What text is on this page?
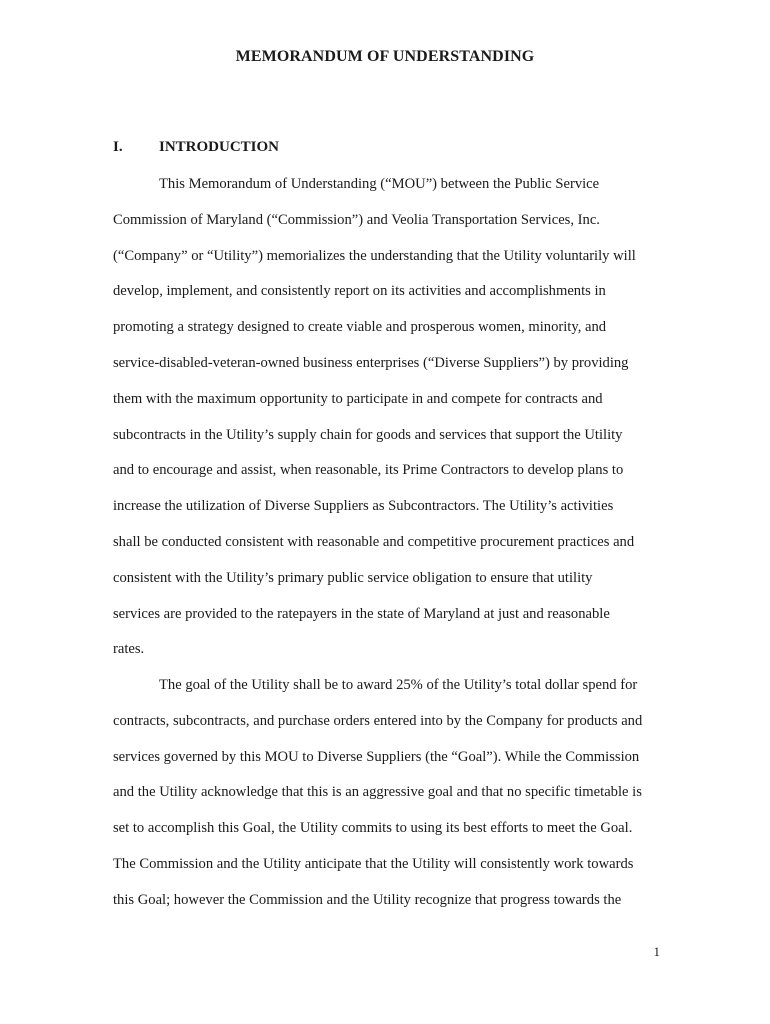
MEMORANDUM OF UNDERSTANDING
I. INTRODUCTION

This Memorandum of Understanding (“MOU”) between the Public Service
Commission of Maryland (“Commission”) and Veolia Transportation Services, Inc.
(“Company” or “Utility”) memorializes the understanding that the Utility voluntarily will
develop, implement, and consistently report on its activities and accomplishments in
promoting a strategy designed to create viable and prosperous women, minority, and
service-disabled-veteran-owned business enterprises (“Diverse Suppliers”) by providing
them with the maximum opportunity to participate in and compete for contracts and
subcontracts in the Utility’s supply chain for goods and services that support the Utility
and to encourage and assist, when reasonable, its Prime Contractors to develop plans to
increase the utilization of Diverse Suppliers as Subcontractors. The Utility’s activities
shall be conducted consistent with reasonable and competitive procurement practices and
consistent with the Utility’s primary public service obligation to ensure that utility
services are provided to the ratepayers in the state of Maryland at just and reasonable
rates.

The goal of the Utility shall be to award 25% of the Utility’s total dollar spend for
contracts, subcontracts, and purchase orders entered into by the Company for products and
services governed by this MOU to Diverse Suppliers (the “Goal”). While the Commission
and the Utility acknowledge that this is an aggressive goal and that no specific timetable is
set to accomplish this Goal, the Utility commits to using its best efforts to meet the Goal.
The Commission and the Utility anticipate that the Utility will consistently work towards
this Goal; however the Commission and the Utility recognize that progress towards the

1
